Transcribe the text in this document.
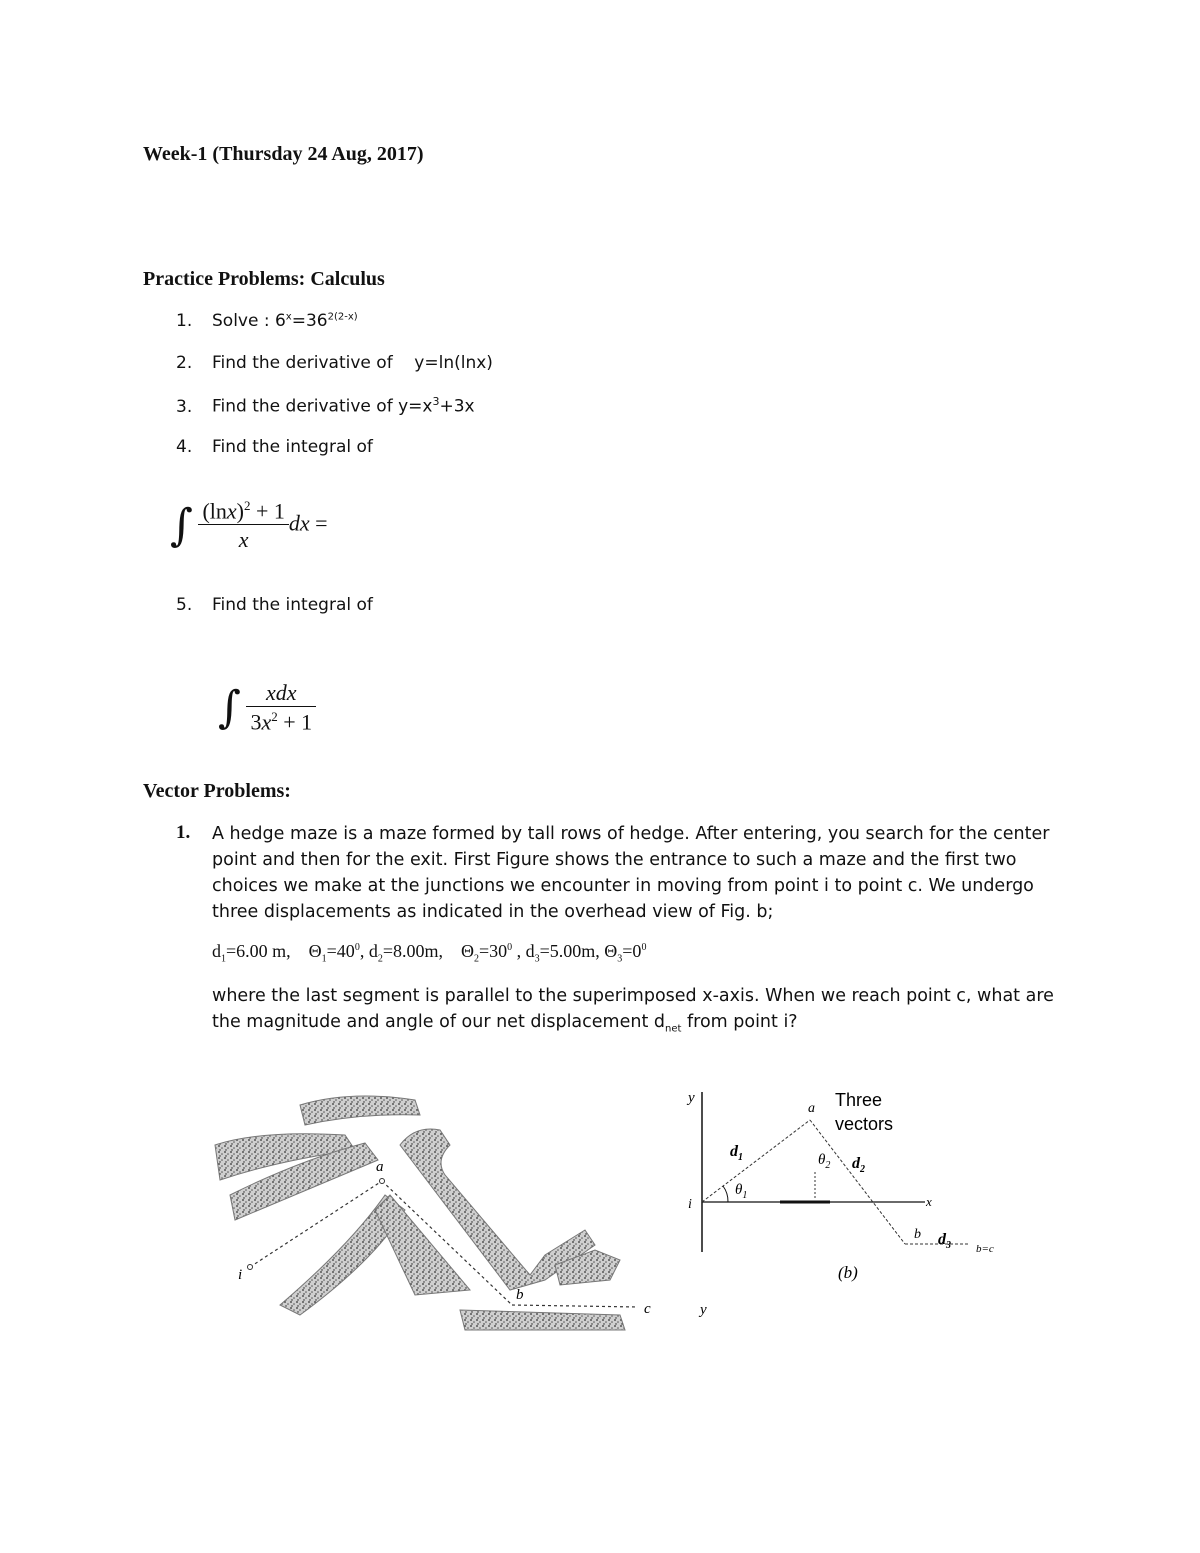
Week-1 (Thursday 24 Aug, 2017)
Practice Problems: Calculus
1. Solve : $6^x=36^{2(2-x)}$
2. Find the derivative of    y=ln(lnx)
3. Find the derivative of $y=x^3+3x$
4. Find the integral of
∫ $\frac{(\ln x)^2 + 1}{x}$ dx =
5. Find the integral of
∫ $\frac{\text{xdx}}{3x^2 + 1}$
Vector Problems:
1. A hedge maze is a maze formed by tall rows of hedge. After entering, you search for the center point and then for the exit. First Figure shows the entrance to such a maze and the first two choices we make at the junctions we encounter in moving from point i to point c. We undergo three displacements as indicated in the overhead view of Fig. b;
$d_1=6.00$ m, $\Theta_1=40^0$, $d_2=8.00m$, $\Theta_2=30^0$ , $d_3=5.00m$, $\Theta_3=0^0$
where the last segment is parallel to the superimposed x-axis. When we reach point c, what are
the magnitude and angle of our net displacement $d_{net}$ from point i?
a
b
c
i
y
x
i
a
b
b=c
$d_1$	$d_2$
$d_3$
$\theta_1$
$\theta_2$
Three
vectors
(b)
y
